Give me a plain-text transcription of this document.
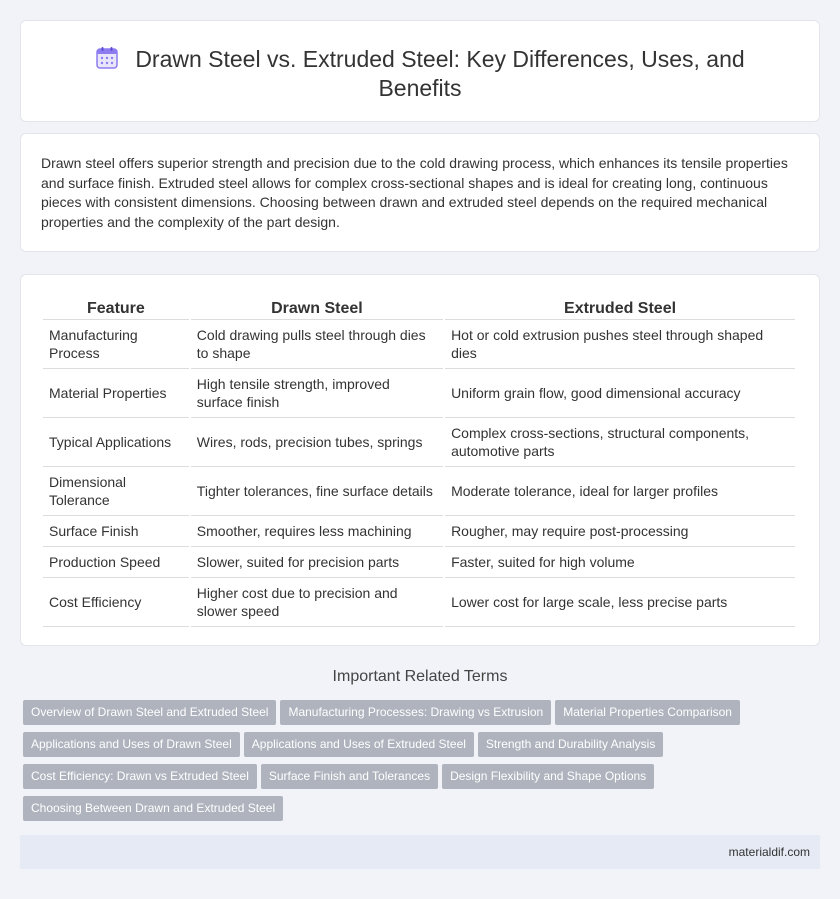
Drawn Steel vs. Extruded Steel: Key Differences, Uses, and Benefits

Drawn steel offers superior strength and precision due to the cold drawing process, which enhances its tensile properties and surface finish. Extruded steel allows for complex cross-sectional shapes and is ideal for creating long, continuous pieces with consistent dimensions. Choosing between drawn and extruded steel depends on the required mechanical properties and the complexity of the part design.

Feature	Drawn Steel	Extruded Steel
Manufacturing Process	Cold drawing pulls steel through dies to shape	Hot or cold extrusion pushes steel through shaped dies
Material Properties	High tensile strength, improved surface finish	Uniform grain flow, good dimensional accuracy
Typical Applications	Wires, rods, precision tubes, springs	Complex cross-sections, structural components, automotive parts
Dimensional Tolerance	Tighter tolerances, fine surface details	Moderate tolerance, ideal for larger profiles
Surface Finish	Smoother, requires less machining	Rougher, may require post-processing
Production Speed	Slower, suited for precision parts	Faster, suited for high volume
Cost Efficiency	Higher cost due to precision and slower speed	Lower cost for large scale, less precise parts
Important Related Terms
Overview of Drawn Steel and Extruded Steel Manufacturing Processes: Drawing vs Extrusion Material Properties Comparison
Applications and Uses of Drawn Steel Applications and Uses of Extruded Steel Strength and Durability Analysis
Cost Efficiency: Drawn vs Extruded Steel Surface Finish and Tolerances Design Flexibility and Shape Options
Choosing Between Drawn and Extruded Steel
materialdif.com
